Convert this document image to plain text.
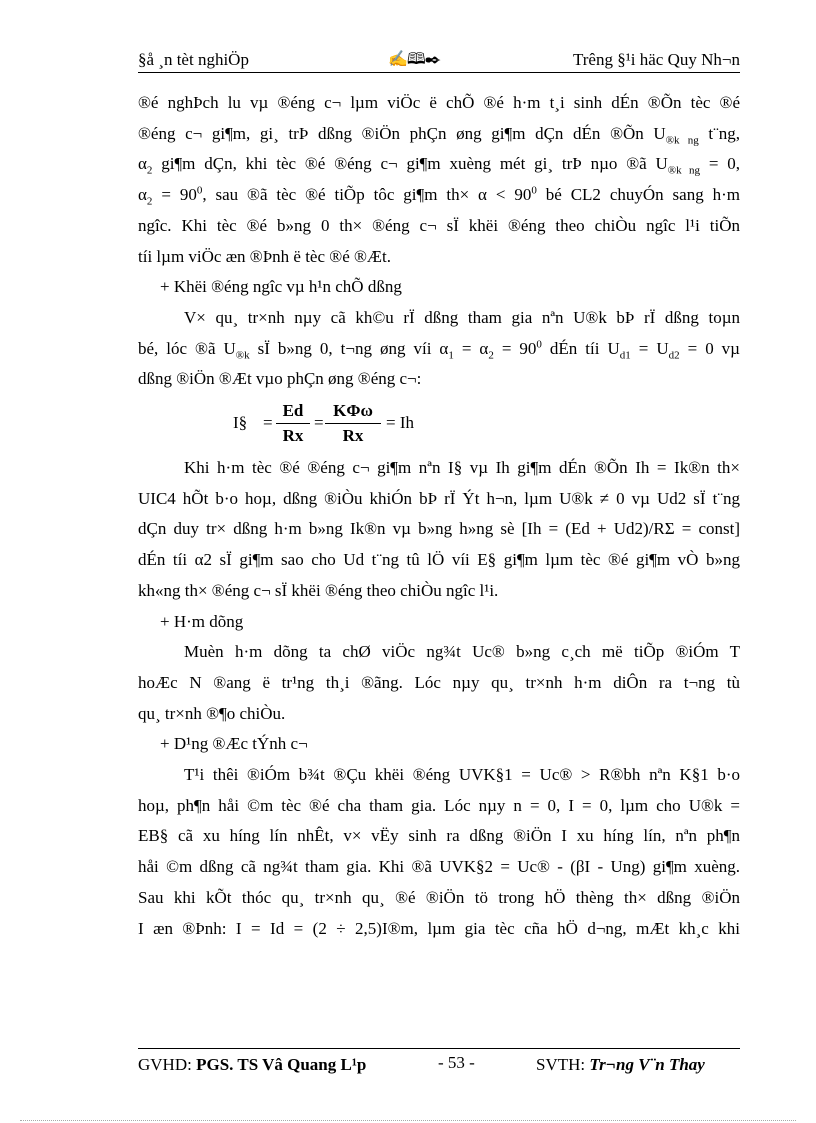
§å ¸n tèt nghiÖp	✍🕮✒	Trêng §¹i häc Quy Nh¬n

®é nghÞch lu vµ ®éng c¬ lµm viÖc ë chÕ ®é h·m t¸i sinh dÉn ®Õn tèc ®é

®éng c¬ gi¶m, gi¸ trÞ dßng ®iÖn phÇn øng gi¶m dÇn dÉn ®Õn $U_{®k ng}$ t¨ng,

$\alpha_2$ gi¶m dÇn, khi tèc ®é ®éng c¬ gi¶m xuèng mét gi¸ trÞ nµo ®ã $U_{®k ng} = 0$,

$\alpha_2 = 90^0$, sau ®ã tèc ®é tiÕp tôc gi¶m $th\times \alpha < 90^0$ bé CL2 chuyÓn sang h·m

ngîc. Khi tèc ®é b»ng 0 th× ®éng c¬ sÏ khëi ®éng theo chiÒu ngîc l¹i tiÕn

tíi lµm viÖc æn ®Þnh ë tèc ®é ®Æt.

+ Khëi ®éng ngîc vµ h¹n chÕ dßng

V× qu¸ tr×nh nµy cã kh©u rÏ dßng tham gia nªn U®k bÞ rÏ dßng toµn

bé, lóc ®ã $U_{®k}$ sÏ b»ng 0, t¬ng øng víi $\alpha_1 = \alpha_2 = 90^0$ dÉn tíi $U_{d1} = U_{d2} = 0$ vµ

dßng ®iÖn ®Æt vµo phÇn øng ®éng c¬:

I§ = $\frac{Ed}{Rx}$ =
KΦω
Rx
= Ih

Khi h·m tèc ®é ®éng c¬ gi¶m nªn I§ vµ Ih gi¶m dÉn ®Õn Ih = Ik®n th×

UIC4 hÕt b·o hoµ, dßng ®iÒu khiÓn bÞ rÏ Ýt h¬n, lµm U®k ≠ 0 vµ Ud2 sÏ t¨ng

dÇn duy tr× dßng h·m b»ng Ik®n vµ b»ng h»ng sè [Ih = (Ed + Ud2)/RΣ = const]

dÉn tíi α2 sÏ gi¶m sao cho Ud t¨ng tû lÖ víi E§ gi¶m lµm tèc ®é gi¶m vÒ b»ng

kh«ng th× ®éng c¬ sÏ khëi ®éng theo chiÒu ngîc l¹i.

+ H·m dõng

Muèn h·m dõng ta chØ viÖc ng¾t Uc® b»ng c¸ch më tiÕp ®iÓm T

hoÆc N ®ang ë tr¹ng th¸i ®ãng. Lóc nµy qu¸ tr×nh h·m diÔn ra t¬ng tù

qu¸ tr×nh ®¶o chiÒu.

+ D¹ng ®Æc tÝnh c¬

T¹i thêi ®iÓm b¾t ®Çu khëi ®éng UVK§1 = Uc® > R®bh nªn K§1 b·o

hoµ, ph¶n håi ©m tèc ®é cha tham gia. Lóc nµy n = 0, I = 0, lµm cho U®k =

EB§ cã xu híng lín nhÊt, v× vËy sinh ra dßng ®iÖn I xu híng lín, nªn ph¶n

håi ©m dßng cã ng¾t tham gia. Khi ®ã UVK§2 = Uc® - (βI - Ung) gi¶m xuèng.

Sau khi kÕt thóc qu¸ tr×nh qu¸ ®é ®iÖn tö trong hÖ thèng th× dßng ®iÖn

I æn ®Þnh: I = Id = (2 ÷ 2,5)I®m, lµm gia tèc cña hÖ d¬ng, mÆt kh¸c khi

GVHD: PGS. TS Vâ Quang L¹p	- 53 -	SVTH: Tr¬ng V¨n Thay
